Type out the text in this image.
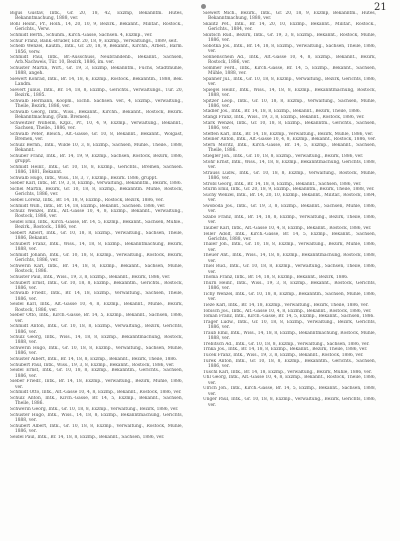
21
Bigus Gustav, Intk., Gr. 20, 18, 42, Exzmp, Bekanntm. Hutes, Bekanntmachung, 1888, ver.
Bohl Heinr., Pr., Holh., 14, 20, 10, 9, Bezirk., Bekannt., Militär., Rostock., Gerichts., Verw.
Schmidt Berth., Schuhm., Kirch.-Gasse, Sachsen. 4, Exzmp., ver.
Schur Franz, Bank.-Brüder, Ebr. 20, 18, 9, Exzmp., Verwaltungs., 1889, seit.
Schelb Wenzel, Kautm., Intk., Gr. 20, 18, 9, Bekannt., Kirchh., Arbeit., Barm. 1856, verw.
Schmidt Paul, Intk., Br.-Ausschuss, Neubrandenb., Bekannt., Sachsen, Arb.Nachweis, Tür. 10, Bezirk, 1886, im. ver.
Schuster Martin, Wirt., Gr. 19, 3, Exzmp, Bekanntm., Fuchs, Stadtmühle, 1888, angeh.
Siewert Konrad, Intk., Br. 14, 18, 6, Exzmp., Rostock., Bekanntm., 1888, Bek. Landm.
Sievert Julius, Intk., Br. 14, 18, 8, Exzmp., Gerichts., Verwaltungs., Tür. 20, Bezirk., 1885.
Schwalb Hermann, Koopm., Eichh. Sachsen. ver., 4, Exzmp., verwaltung., Theile, Bezirk, 1886, ver.
Schwalb Georg, Intk., Wiss., Bekannt., Kirchh., Bekannt., Rostock, Bezirk. Bekanntmachung, (Fam. Bremen).
Schweitzer Wilhelm, Kzpz., Pr., 10, 4, 9, Exzmp., Verwaltung., Bekannt., Sachsen, Theile., 1886, ver.
Schwalb Peter, Bleich., Alt.-Gasse, Gr. 10, 8, Bekannt., Bekannt., Wolgast, Bremen, ver.
Schulz Bernh., Intk., Wilde 10, 3, 8, Exzmp., Sachsen, Mühle., Theile., 1888, Bekannt.
Schuber Franz, Intk., Br. 14, 19, 9, Exzmp., Sachsen, Rostock, Bezirk, 1886, gruppt.
Schmidt Heinr., Intk., Gr. 10, 18, 8, Exzmp., Gerichts., Bremen, Sachsen. 1886, 1881, Bekannt.
Schwalb Hugo, Intk., Wiss., 18, 3, 7, Exzmp., Bezirk. 1886, gruppt.
Sieber Karl, Intk., Br. 19, 3, 8, Exzmp., Verwaltung., Bekanntm., Bezirk, 1886.
Sichel Martin, Bezirk, Gr. 10, 18, 8, Exzmp., Bekanntm. Mühle, Rostock, Gerichts, 1886, ver.
Siebel Lorenz, Intk., Br. 14, 18, 9, Exzmp., Rostock, Bezirk, 1886, ver.
Schmidt Wilh., Intk., Br. 14, 18, Exzmp., Bekannt., Sachsen. 1886, ver.
Schulz Wenzel, Intk., Alt.-Gasse 10, 4, 8, Exzmp., Bekannt., Verwaltung., Rostock, 1886, ver.
Seidel Emil, Intk., Kirch.-Gasse, Br. 14, 5, Exzmp., Bekannt., Sachsen, Mühle., Bezirk., Rostock., 1886, ver.
Siebert Albert, Intk., Gr. 10, 18, 8, Exzmp., Verwaltung., Sachsen, Theile, 1886, Bekannt.
Schubert Franz, Intk., Wiss., 14, 18, 8, Exzmp., Bekanntmachung, Bezirk, 1888, ver.
Schmidt Johann, Intk., Gr. 10, 18, 8, Exzmp., Verwaltung., Rostock, Bezirk, Gerichts, 1886, ver.
Schwerin Karl, Intk., Br. 14, 18, 8, Exzmp., Bekannt., Sachsen, Mühle, Rostock, 1886.
Schuster Paul, Intk., Wiss., 19, 3, 8, Exzmp., Bekannt., Bezirk, 1886, ver.
Schubert Ernst, Intk., Gr. 10, 18, 8, Exzmp., Bekanntm., Gerichts., Rostock, 1886, ver.
Schwalb Friedr., Intk., Br. 14, 18, Exzmp., Verwaltung., Sachsen, Theile, 1886, ver.
Seidel Karl, Intk., Alt.-Gasse 10, 4, 8, Exzmp., Bekannt., Mühle., Bezirk, Rostock, 1886, ver.
Sieber Otto, Intk., Kirch.-Gasse, Br. 14, 5, Exzmp., Bekannt., Sachsen, 1886, ver.
Schmidt Anton, Intk., Gr. 10, 18, 8, Exzmp., Verwaltung., Bezirk, Gerichts, 1886, ver.
Schulz Georg, Intk., Wiss., 14, 18, 8, Exzmp., Bekanntmachung, Rostock, 1888, ver.
Schwerin Hugo, Intk., Gr. 10, 18, 8, Exzmp., Verwaltung., Sachsen, Mühle, 1886, ver.
Schuster Albert, Intk., Br. 14, 18, 8, Exzmp., Bekannt., Bezirk, Theile, 1886.
Schubert Paul, Intk., Wiss., 19, 3, 8, Exzmp., Bekannt., Rostock, 1886, ver.
Seidel Ernst, Intk., Gr. 10, 18, 8, Exzmp., Bekanntm., Gerichts., Sachsen, 1886, ver.
Sieber Friedr., Intk., Br. 14, 18, Exzmp., Verwaltung., Bezirk, Mühle, 1886, ver.
Schmidt Otto, Intk., Alt.-Gasse 10, 4, 8, Exzmp., Bekannt., Rostock, 1886, ver.
Schulz Anton, Intk., Kirch.-Gasse, Br. 14, 5, Exzmp., Bekannt., Sachsen, Theile, 1886.
Schwerin Georg, Intk., Gr. 10, 18, 8, Exzmp., Verwaltung., Bezirk, 1886, ver.
Schuster Hugo, Intk., Wiss., 14, 18, 8, Exzmp., Bekanntmachung, Gerichts, 1888, ver.
Schubert Albert, Intk., Gr. 10, 18, 8, Exzmp., Verwaltung., Rostock, Mühle, 1886, ver.
Seidel Paul, Intk., Br. 14, 18, 8, Exzmp., Bekannt., Sachsen, 1886, ver.
Siewert Mich., Bezirk., Intk., Gr. 20, 18, 9, Exzmp, Bekanntm., Hutes, Bekanntmachung, 1888, ver.
Skalitz Pet., Intk., Br. 14, 20, 10, Exzmp., Bekannt., Militär., Rostock., Gerichts., 1884, ver.
Skutsch Rud., Bezirk, Intk., Gr. 19, 3, 8, Exzmp., Bekannt., Rostock, Mühle, 1886, ver.
Sobotka Jos., Intk., Br. 14, 18, 8, Exzmp., Verwaltung., Sachsen, Theile, 1886, ver.
Sonnenschein Ad., Intk., Alt.-Gasse 10, 4, 8, Exzmp., Bekannt., Bezirk, Rostock, 1886, ver.
Sommer Ferd., Intk., Kirch.-Gasse, Br. 14, 5, Exzmp., Bekannt., Sachsen, Mühle, 1888, ver.
Spanner Jul., Intk., Gr. 10, 18, 8, Exzmp., Verwaltung., Bezirk, Gerichts, 1886, ver.
Spiegel Heinr., Intk., Wiss., 14, 18, 8, Exzmp., Bekanntmachung, Rostock, 1888, ver.
Spitzer Leop., Intk., Gr. 10, 18, 8, Exzmp., Verwaltung., Sachsen, Mühle, 1886, ver.
Stadler Jos., Intk., Br. 14, 18, 8, Exzmp., Bekannt., Bezirk, Theile, 1886.
Stangl Franz, Intk., Wiss., 19, 3, 8, Exzmp., Bekannt., Rostock, 1886, ver.
Stark Wenzel, Intk., Gr. 10, 18, 8, Exzmp., Bekanntm., Gerichts., Sachsen, 1886, ver.
Steffen Karl, Intk., Br. 14, 18, Exzmp., Verwaltung., Bezirk, Mühle, 1886, ver.
Steiner Anton, Intk., Alt.-Gasse 10, 4, 8, Exzmp., Bekannt., Rostock, 1886, ver.
Stern Moritz, Intk., Kirch.-Gasse, Br. 14, 5, Exzmp., Bekannt., Sachsen, Theile, 1886.
Stiegler Joh., Intk., Gr. 10, 18, 8, Exzmp., Verwaltung., Bezirk, 1886, ver.
Stöhr Ernst, Intk., Wiss., 14, 18, 8, Exzmp., Bekanntmachung, Gerichts, 1888, ver.
Strauss Ludw., Intk., Gr. 10, 18, 8, Exzmp., Verwaltung., Rostock, Mühle, 1886, ver.
Strobl Georg, Intk., Br. 14, 18, 8, Exzmp., Bekannt., Sachsen, 1886, ver.
Sturm Emil, Intk., Gr. 20, 18, 9, Exzmp., Bekanntm., Bezirk, Theile, 1888, ver.
Suchy Wenzel, Intk., Br. 14, 20, 10, Exzmp., Bekannt., Militär., Rostock, 1884, ver.
Swoboda Jos., Intk., Gr. 19, 3, 8, Exzmp., Bekannt., Sachsen, Mühle, 1886, ver.
Szabo Franz, Intk., Br. 14, 18, 8, Exzmp., Verwaltung., Bezirk, Theile, 1886, ver.
Tauber Karl, Intk., Alt.-Gasse 10, 4, 8, Exzmp., Bekannt., Rostock, 1886, ver.
Teller Adolf, Intk., Kirch.-Gasse, Br. 14, 5, Exzmp., Bekannt., Sachsen, Gerichts, 1888, ver.
Thaler Joh., Intk., Gr. 10, 18, 8, Exzmp., Verwaltung., Bezirk, Mühle, 1886, ver.
Theuer Ant., Intk., Wiss., 14, 18, 8, Exzmp., Bekanntmachung, Rostock, 1888, ver.
Thiel Rud., Intk., Gr. 10, 18, 8, Exzmp., Verwaltung., Sachsen, Theile, 1886, ver.
Thoma Franz, Intk., Br. 14, 18, 8, Exzmp., Bekannt., Bezirk, 1886.
Thurn Heinr., Intk., Wiss., 19, 3, 8, Exzmp., Bekannt., Rostock, Gerichts, 1886, ver.
Tichy Wenzel, Intk., Gr. 10, 18, 8, Exzmp., Bekanntm., Sachsen, Mühle, 1886, ver.
Tieze Karl, Intk., Br. 14, 18, Exzmp., Verwaltung., Bezirk, Theile, 1886, ver.
Tobisch Jos., Intk., Alt.-Gasse 10, 4, 8, Exzmp., Bekannt., Rostock, 1886, ver.
Toman Franz, Intk., Kirch.-Gasse, Br. 14, 5, Exzmp., Bekannt., Sachsen, 1886.
Träger Ludw., Intk., Gr. 10, 18, 8, Exzmp., Verwaltung., Bezirk, Gerichts, 1886, ver.
Traub Emil, Intk., Wiss., 14, 18, 8, Exzmp., Bekanntmachung, Rostock, Mühle, 1888, ver.
Trebitsch Ad., Intk., Gr. 10, 18, 8, Exzmp., Verwaltung., Sachsen, 1886, ver.
Trnka Jos., Intk., Br. 14, 18, 8, Exzmp., Bekannt., Bezirk, Theile, 1886, ver.
Tuček Franz, Intk., Wiss., 19, 3, 8, Exzmp., Bekannt., Rostock, 1886, ver.
Turek Anton, Intk., Gr. 10, 18, 8, Exzmp., Bekanntm., Gerichts., Sachsen, 1886, ver.
Tuschl Karl, Intk., Br. 14, 18, Exzmp., Verwaltung., Bezirk, Mühle, 1886, ver.
Uhl Georg, Intk., Alt.-Gasse 10, 4, 8, Exzmp., Bekannt., Rostock, Theile, 1886, ver.
Ulrich Joh., Intk., Kirch.-Gasse, Br. 14, 5, Exzmp., Bekannt., Sachsen, 1888, ver.
Unger Paul, Intk., Gr. 10, 18, 8, Exzmp., Verwaltung., Bezirk, Gerichts, 1886, ver.
